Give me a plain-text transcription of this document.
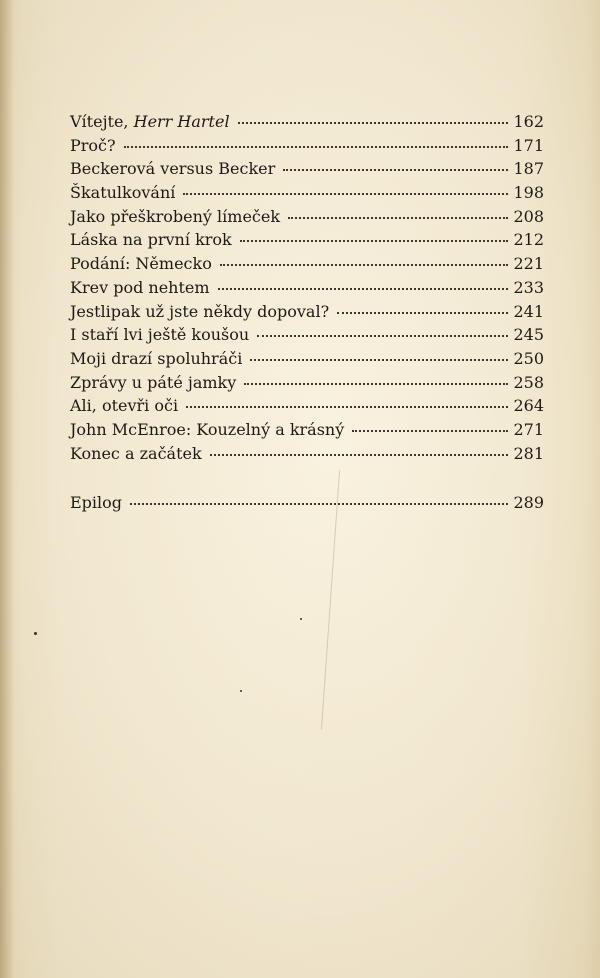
Vítejte, Herr Hartel	162
Proč?	171
Beckerová versus Becker	187
Škatulkování	198
Jako přeškrobený límeček	208
Láska na první krok	212
Podání: Německo	221
Krev pod nehtem	233
Jestlipak už jste někdy dopoval?	241
I staří lvi ještě koušou	245
Moji drazí spoluhráči	250
Zprávy u páté jamky	258
Ali, otevři oči	264
John McEnroe: Kouzelný a krásný	271
Konec a začátek	281
Epilog	289
